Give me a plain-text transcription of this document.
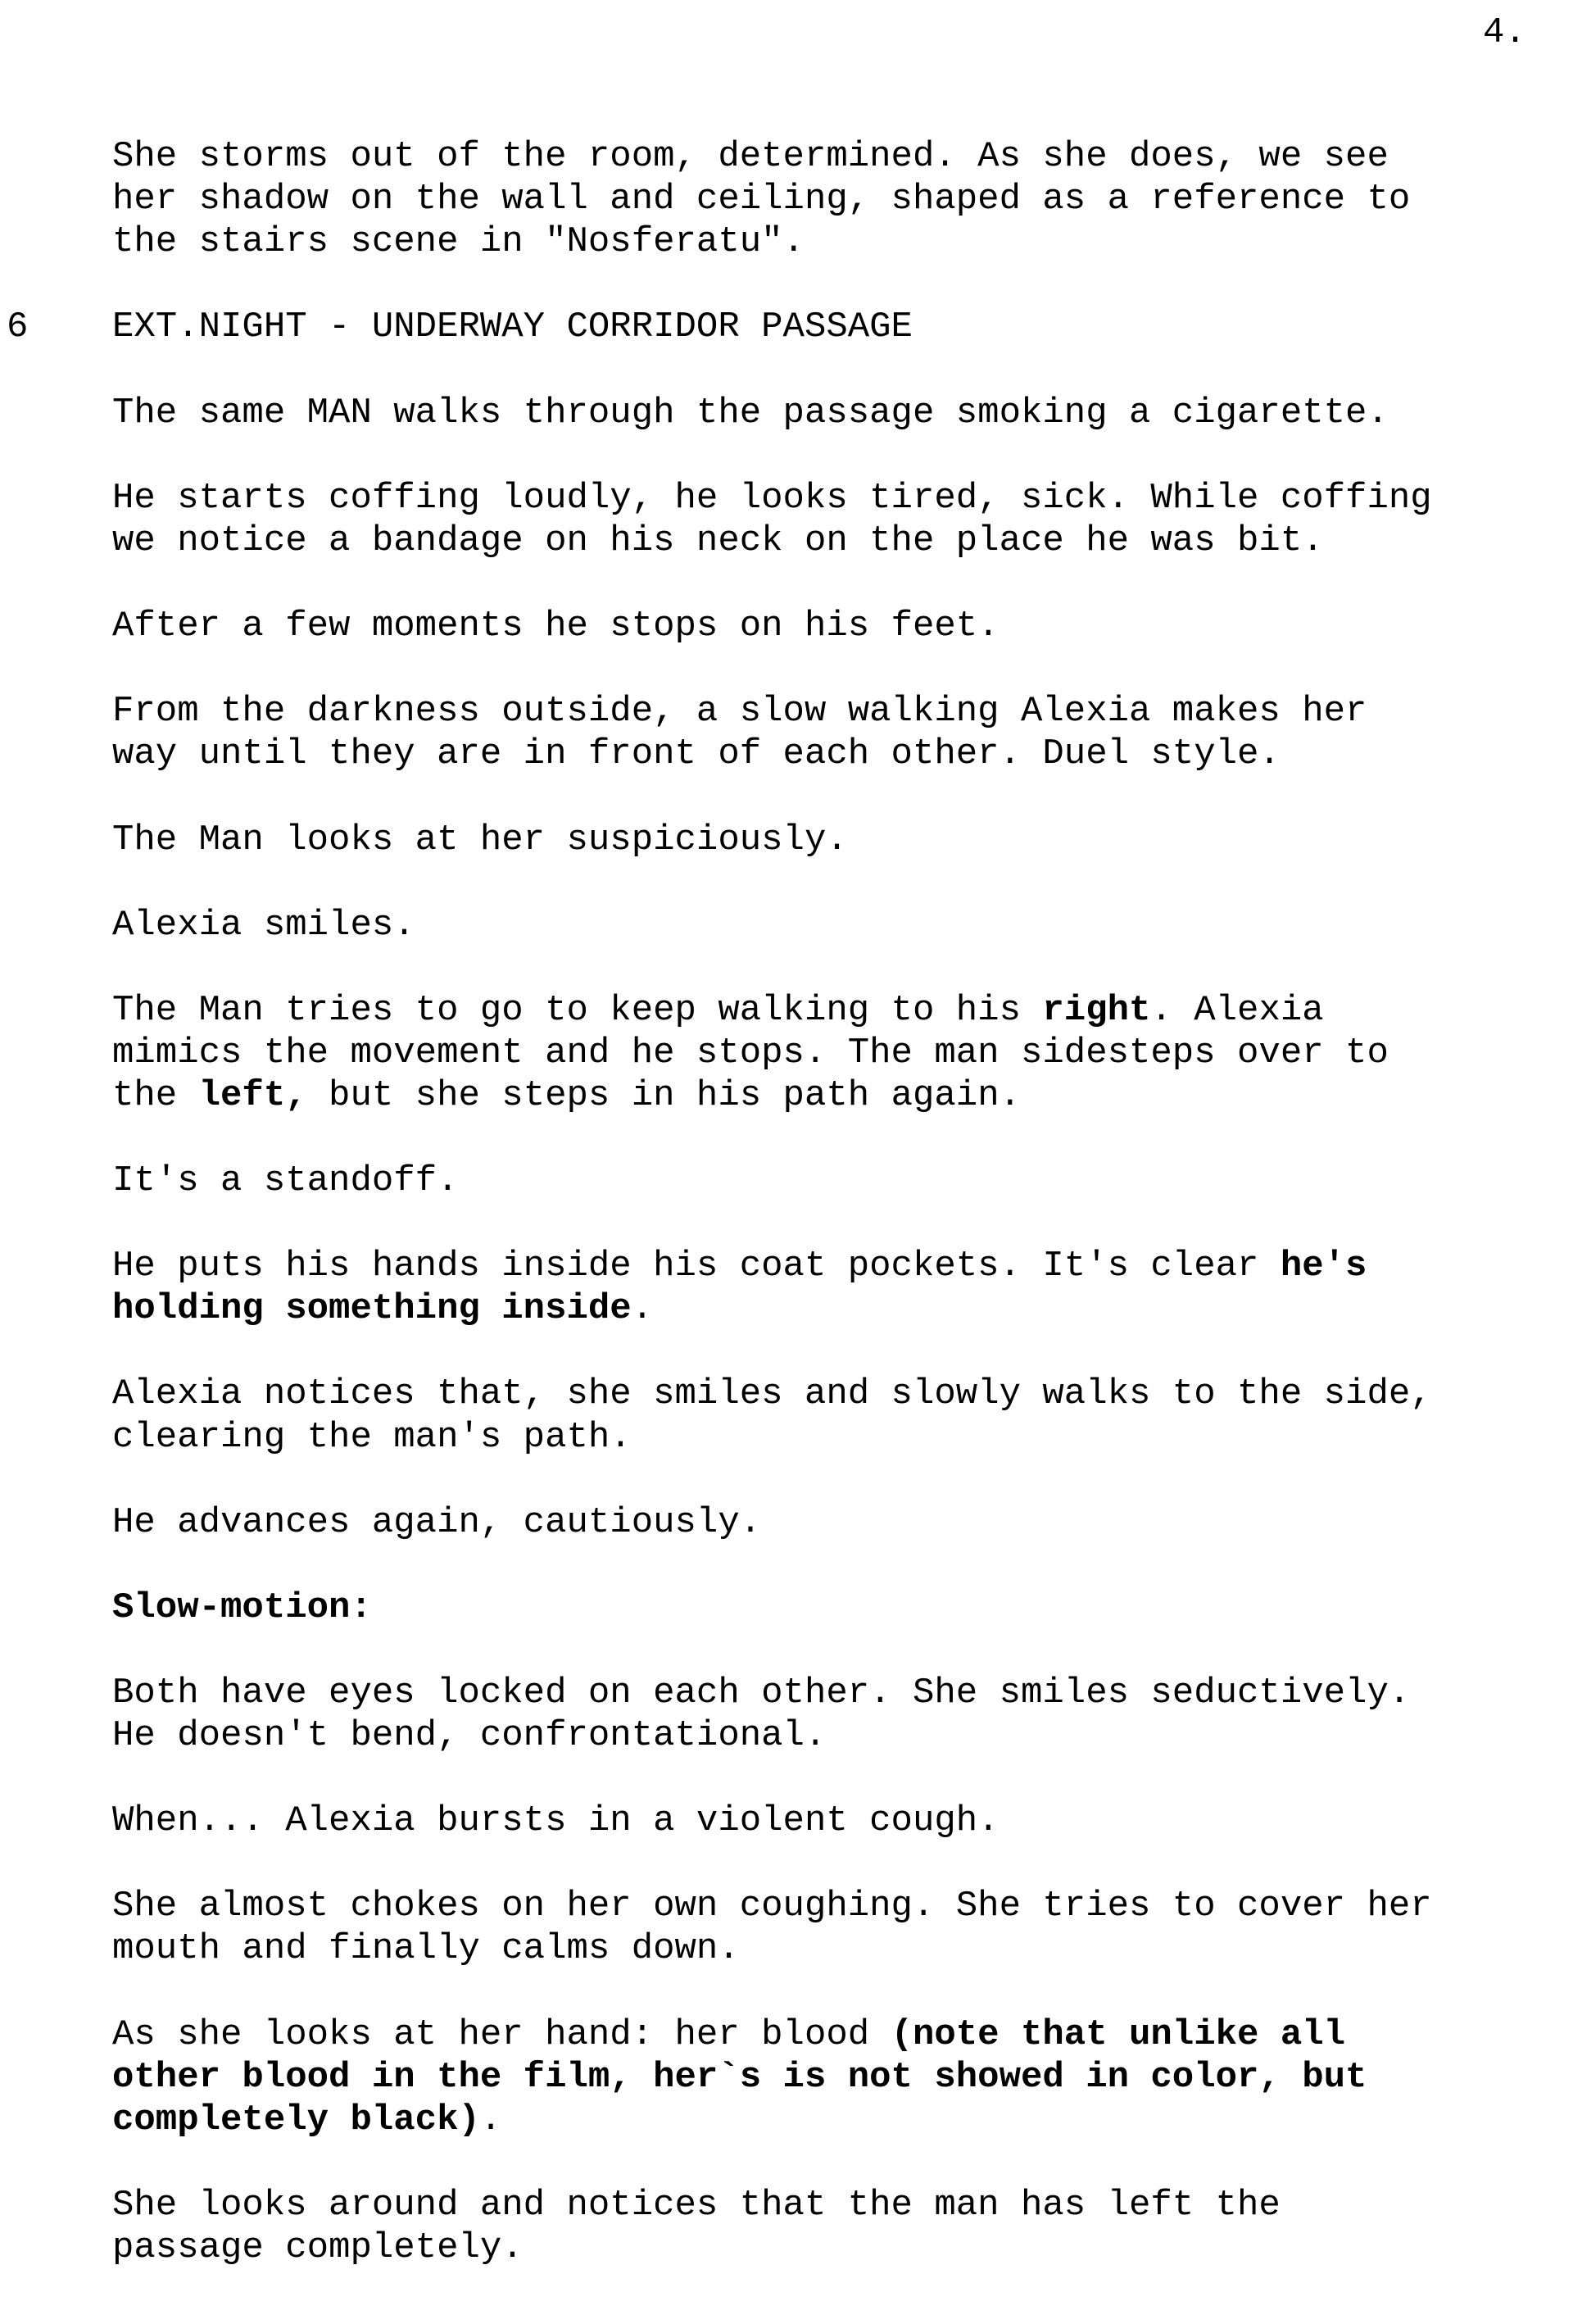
4.
6
She storms out of the room, determined. As she does, we see
her shadow on the wall and ceiling, shaped as a reference to
the stairs scene in "Nosferatu".
EXT.NIGHT - UNDERWAY CORRIDOR PASSAGE
The same MAN walks through the passage smoking a cigarette.
He starts coffing loudly, he looks tired, sick. While coffing
we notice a bandage on his neck on the place he was bit.
After a few moments he stops on his feet.
From the darkness outside, a slow walking Alexia makes her
way until they are in front of each other. Duel style.
The Man looks at her suspiciously.
Alexia smiles.
The Man tries to go to keep walking to his right. Alexia
mimics the movement and he stops. The man sidesteps over to
the left, but she steps in his path again.
It's a standoff.
He puts his hands inside his coat pockets. It's clear he's
holding something inside.
Alexia notices that, she smiles and slowly walks to the side,
clearing the man's path.
He advances again, cautiously.
Slow-motion:
Both have eyes locked on each other. She smiles seductively.
He doesn't bend, confrontational.
When... Alexia bursts in a violent cough.
She almost chokes on her own coughing. She tries to cover her
mouth and finally calms down.
As she looks at her hand: her blood (note that unlike all
other blood in the film, her`s is not showed in color, but
completely black).
She looks around and notices that the man has left the
passage completely.
